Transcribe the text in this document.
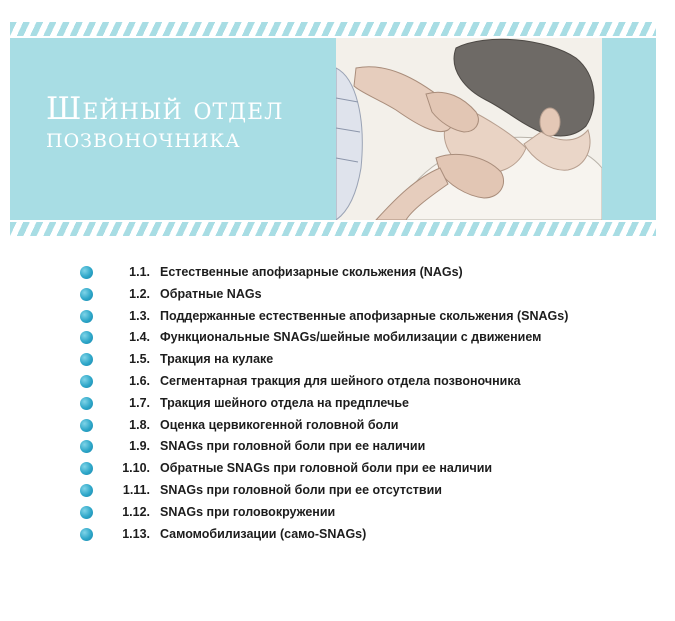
Шейный отдел
позвоночника
1.1. Естественные апофизарные скольжения (NAGs)
1.2. Обратные NAGs
1.3. Поддержанные естественные апофизарные скольжения (SNAGs)
1.4. Функциональные SNAGs/шейные мобилизации с движением
1.5. Тракция на кулаке
1.6. Сегментарная тракция для шейного отдела позвоночника
1.7. Тракция шейного отдела на предплечье
1.8. Оценка цервикогенной головной боли
1.9. SNAGs при головной боли при ее наличии
1.10. Обратные SNAGs при головной боли при ее наличии
1.11. SNAGs при головной боли при ее отсутствии
1.12. SNAGs при головокружении
1.13. Самомобилизации (само-SNAGs)
